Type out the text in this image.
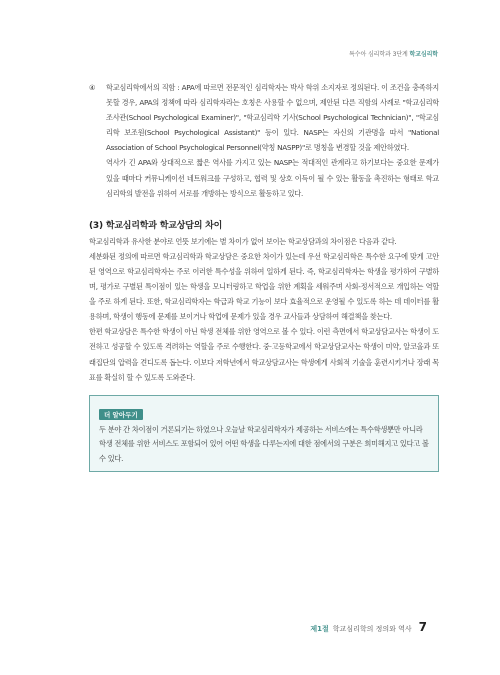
특수아 심리학과 3단계 학교심리학
④	학교심리학에서의 직함 : APA에 따르면 전문적인 심리학자는 박사 학위 소지자로 정의된다. 이 조건을 충족하지 못할 경우, APA의 정책에 따라 심리학자라는 호칭은 사용할 수 없으며, 제안된 다른 직함의 사례로 "학교심리학 조사관(School Psychological Examiner)", "학교심리학 기사(School Psychological Technician)", "학교심리학 보조원(School Psychological Assistant)" 등이 있다. NASP는 자신의 기관명을 따서 "National Association of School Psychological Personnel(약칭 NASPP)"로 명칭을 변경할 것을 제안하였다.

역사가 긴 APA와 상대적으로 짧은 역사를 가지고 있는 NASP는 적대적인 관계라고 하기보다는 중요한 문제가 있을 때마다 커뮤니케이션 네트워크를 구성하고, 협력 및 상호 이득이 될 수 있는 활동을 촉진하는 형태로 학교심리학의 발전을 위하여 서로를 개방하는 방식으로 활동하고 있다.

(3) 학교심리학과 학교상담의 차이

학교심리학과 유사한 분야로 언뜻 보기에는 별 차이가 없어 보이는 학교상담과의 차이점은 다음과 같다.

세분화된 정의에 따르면 학교심리학과 학교상담은 중요한 차이가 있는데 우선 학교심리학은 특수한 요구에 맞게 고안된 영역으로 학교심리학자는 주로 이러한 특수성을 위하여 일하게 된다. 즉, 학교심리학자는 학생을 평가하여 구별하며, 평가로 구별된 특이점이 있는 학생을 모니터링하고 학업을 위한 계획을 세워주며 사회-정서적으로 개입하는 역할을 주로 하게 된다. 또한, 학교심리학자는 학급과 학교 기능이 보다 효율적으로 운영될 수 있도록 하는 데 데이터를 활용하며, 학생이 행동에 문제를 보이거나 학업에 문제가 있을 경우 교사들과 상담하여 해결책을 찾는다.

한편 학교상담은 특수한 학생이 아닌 학생 전체를 위한 영역으로 볼 수 있다. 이런 측면에서 학교상담교사는 학생이 도전하고 성공할 수 있도록 격려하는 역할을 주로 수행한다. 중·고등학교에서 학교상담교사는 학생이 미약, 알코올과 또래집단의 압력을 견디도록 돕는다. 이보다 저학년에서 학교상담교사는 학생에게 사회적 기술을 훈련시키거나 장래 목표를 확실히 할 수 있도록 도와준다.

더 알아두기

두 분야 간 차이점이 거론되기는 하였으나 오늘날 학교심리학자가 제공하는 서비스에는 특수학생뿐만 아니라 학생 전체를 위한 서비스도 포함되어 있어 어떤 학생을 다루는지에 대한 점에서의 구분은 희미해지고 있다고 볼 수 있다.

제1절 학교심리학의 정의와 역사 7
